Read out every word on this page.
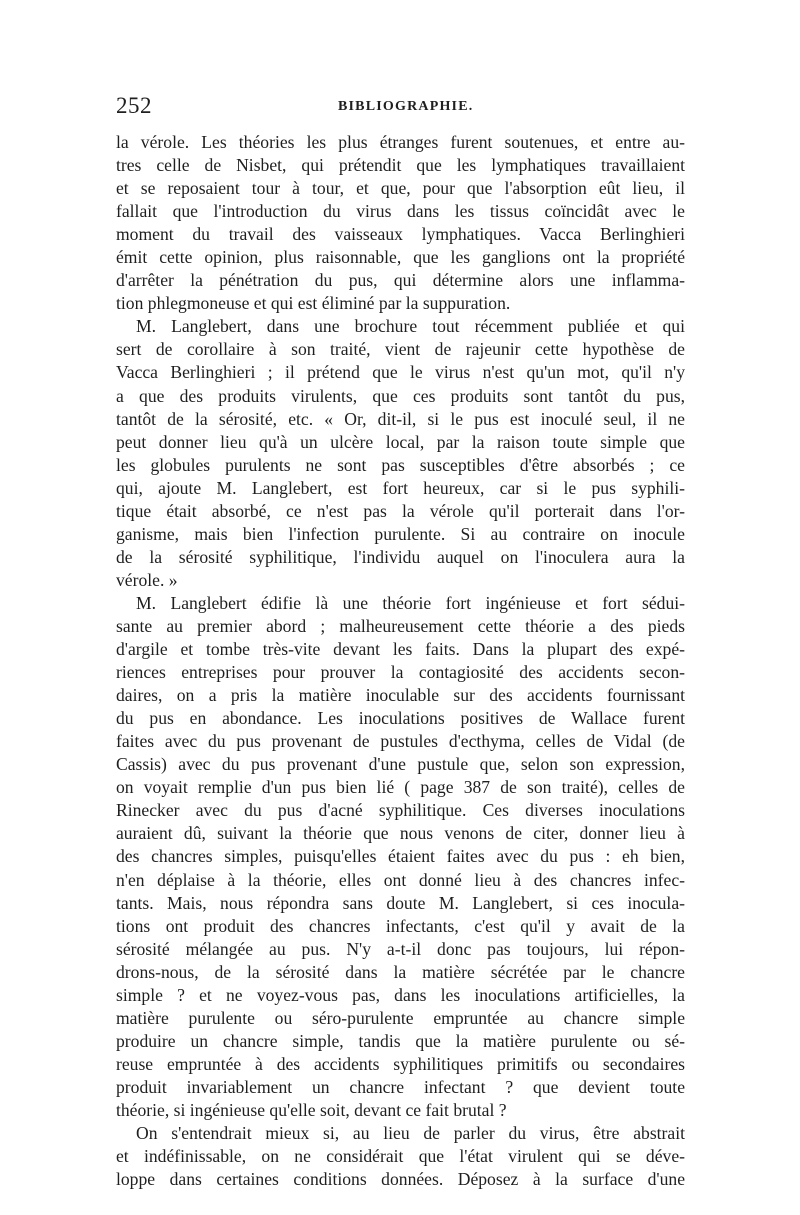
252	BIBLIOGRAPHIE.
la vérole. Les théories les plus étranges furent soutenues, et entre au-
tres celle de Nisbet, qui prétendit que les lymphatiques travaillaient
et se reposaient tour à tour, et que, pour que l'absorption eût lieu, il
fallait que l'introduction du virus dans les tissus coïncidât avec le
moment du travail des vaisseaux lymphatiques. Vacca Berlinghieri
émit cette opinion, plus raisonnable, que les ganglions ont la propriété
d'arrêter la pénétration du pus, qui détermine alors une inflamma-
tion phlegmoneuse et qui est éliminé par la suppuration.
M. Langlebert, dans une brochure tout récemment publiée et qui
sert de corollaire à son traité, vient de rajeunir cette hypothèse de
Vacca Berlinghieri ; il prétend que le virus n'est qu'un mot, qu'il n'y
a que des produits virulents, que ces produits sont tantôt du pus,
tantôt de la sérosité, etc. « Or, dit-il, si le pus est inoculé seul, il ne
peut donner lieu qu'à un ulcère local, par la raison toute simple que
les globules purulents ne sont pas susceptibles d'être absorbés ; ce
qui, ajoute M. Langlebert, est fort heureux, car si le pus syphili-
tique était absorbé, ce n'est pas la vérole qu'il porterait dans l'or-
ganisme, mais bien l'infection purulente. Si au contraire on inocule
de la sérosité syphilitique, l'individu auquel on l'inoculera aura la
vérole. »
M. Langlebert édifie là une théorie fort ingénieuse et fort sédui-
sante au premier abord ; malheureusement cette théorie a des pieds
d'argile et tombe très-vite devant les faits. Dans la plupart des expé-
riences entreprises pour prouver la contagiosité des accidents secon-
daires, on a pris la matière inoculable sur des accidents fournissant
du pus en abondance. Les inoculations positives de Wallace furent
faites avec du pus provenant de pustules d'ecthyma, celles de Vidal (de
Cassis) avec du pus provenant d'une pustule que, selon son expression,
on voyait remplie d'un pus bien lié ( page 387 de son traité), celles de
Rinecker avec du pus d'acné syphilitique. Ces diverses inoculations
auraient dû, suivant la théorie que nous venons de citer, donner lieu à
des chancres simples, puisqu'elles étaient faites avec du pus : eh bien,
n'en déplaise à la théorie, elles ont donné lieu à des chancres infec-
tants. Mais, nous répondra sans doute M. Langlebert, si ces inocula-
tions ont produit des chancres infectants, c'est qu'il y avait de la
sérosité mélangée au pus. N'y a-t-il donc pas toujours, lui répon-
drons-nous, de la sérosité dans la matière sécrétée par le chancre
simple ? et ne voyez-vous pas, dans les inoculations artificielles, la
matière purulente ou séro-purulente empruntée au chancre simple
produire un chancre simple, tandis que la matière purulente ou sé-
reuse empruntée à des accidents syphilitiques primitifs ou secondaires
produit invariablement un chancre infectant ? que devient toute
théorie, si ingénieuse qu'elle soit, devant ce fait brutal ?
On s'entendrait mieux si, au lieu de parler du virus, être abstrait
et indéfinissable, on ne considérait que l'état virulent qui se déve-
loppe dans certaines conditions données. Déposez à la surface d'une
